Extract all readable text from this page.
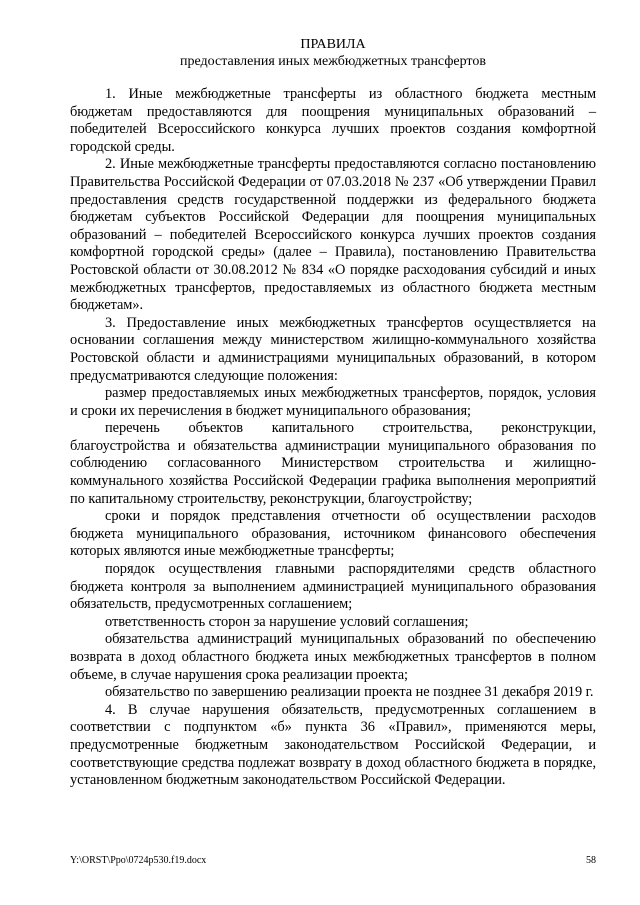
ПРАВИЛА

предоставления иных межбюджетных трансфертов

1. Иные межбюджетные трансферты из областного бюджета местным бюджетам предоставляются для поощрения муниципальных образований – победителей Всероссийского конкурса лучших проектов создания комфортной городской среды.

2. Иные межбюджетные трансферты предоставляются согласно постановлению Правительства Российской Федерации от 07.03.2018 № 237 «Об утверждении Правил предоставления средств государственной поддержки из федерального бюджета бюджетам субъектов Российской Федерации для поощрения муниципальных образований – победителей Всероссийского конкурса лучших проектов создания комфортной городской среды» (далее – Правила), постановлению Правительства Ростовской области от 30.08.2012 № 834 «О порядке расходования субсидий и иных межбюджетных трансфертов, предоставляемых из областного бюджета местным бюджетам».

3. Предоставление иных межбюджетных трансфертов осуществляется на основании соглашения между министерством жилищно-коммунального хозяйства Ростовской области и администрациями муниципальных образований, в котором предусматриваются следующие положения:

размер предоставляемых иных межбюджетных трансфертов, порядок, условия и сроки их перечисления в бюджет муниципального образования;

перечень объектов капитального строительства, реконструкции, благоустройства и обязательства администрации муниципального образования по соблюдению согласованного Министерством строительства и жилищно-коммунального хозяйства Российской Федерации графика выполнения мероприятий по капитальному строительству, реконструкции, благоустройству;

сроки и порядок представления отчетности об осуществлении расходов бюджета муниципального образования, источником финансового обеспечения которых являются иные межбюджетные трансферты;

порядок осуществления главными распорядителями средств областного бюджета контроля за выполнением администрацией муниципального образования обязательств, предусмотренных соглашением;

ответственность сторон за нарушение условий соглашения;

обязательства администраций муниципальных образований по обеспечению возврата в доход областного бюджета иных межбюджетных трансфертов в полном объеме, в случае нарушения срока реализации проекта;

обязательство по завершению реализации проекта не позднее 31 декабря 2019 г.

4. В случае нарушения обязательств, предусмотренных соглашением в соответствии с подпунктом «б» пункта 36 «Правил», применяются меры, предусмотренные бюджетным законодательством Российской Федерации, и соответствующие средства подлежат возврату в доход областного бюджета в порядке, установленном бюджетным законодательством Российской Федерации.

Y:\ORST\Ppo\0724p530.f19.docx	58
